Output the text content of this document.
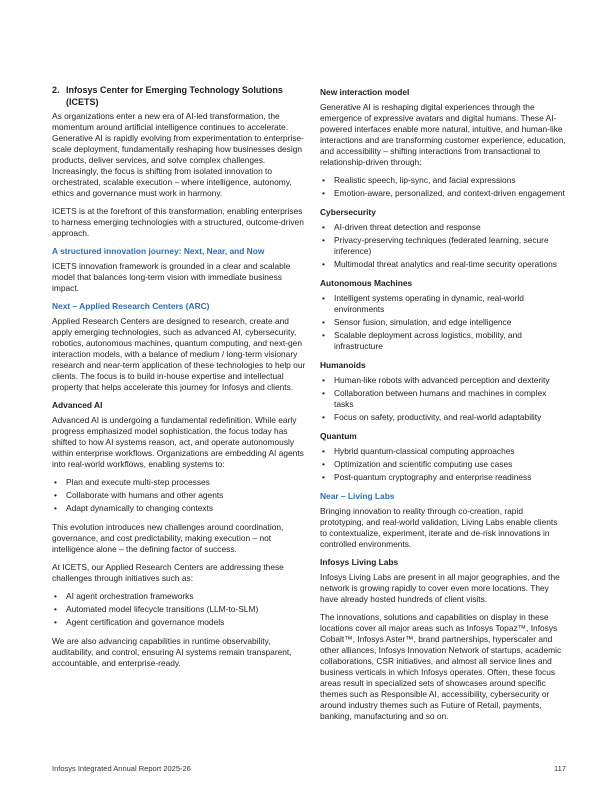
2. Infosys Center for Emerging Technology Solutions (ICETS)

As organizations enter a new era of AI-led transformation, the momentum around artificial intelligence continues to accelerate. Generative AI is rapidly evolving from experimentation to enterprise-scale deployment, fundamentally reshaping how businesses design products, deliver services, and solve complex challenges. Increasingly, the focus is shifting from isolated innovation to orchestrated, scalable execution – where intelligence, autonomy, ethics and governance must work in harmony.

ICETS is at the forefront of this transformation, enabling enterprises to harness emerging technologies with a structured, outcome-driven approach.

A structured innovation journey: Next, Near, and Now

ICETS innovation framework is grounded in a clear and scalable model that balances long-term vision with immediate business impact.

Next – Applied Research Centers (ARC)

Applied Research Centers are designed to research, create and apply emerging technologies, such as advanced AI, cybersecurity, robotics, autonomous machines, quantum computing, and next-gen interaction models, with a balance of medium / long-term visionary research and near-term application of these technologies to help our clients. The focus is to build in-house expertise and intellectual property that helps accelerate this journey for Infosys and clients.

Advanced AI

Advanced AI is undergoing a fundamental redefinition. While early progress emphasized model sophistication, the focus today has shifted to how AI systems reason, act, and operate autonomously within enterprise workflows. Organizations are embedding AI agents into real-world workflows, enabling systems to:

• Plan and execute multi-step processes
• Collaborate with humans and other agents
• Adapt dynamically to changing contexts

This evolution introduces new challenges around coordination, governance, and cost predictability, making execution – not intelligence alone – the defining factor of success.

At ICETS, our Applied Research Centers are addressing these challenges through initiatives such as:

• AI agent orchestration frameworks
• Automated model lifecycle transitions (LLM-to-SLM)
• Agent certification and governance models

We are also advancing capabilities in runtime observability, auditability, and control, ensuring AI systems remain transparent, accountable, and enterprise-ready.

New interaction model

Generative AI is reshaping digital experiences through the emergence of expressive avatars and digital humans. These AI-powered interfaces enable more natural, intuitive, and human-like interactions and are transforming customer experience, education, and accessibility – shifting interactions from transactional to relationship-driven through:

• Realistic speech, lip-sync, and facial expressions
• Emotion-aware, personalized, and context-driven engagement
Cybersecurity
• AI-driven threat detection and response
• Privacy-preserving techniques (federated learning, secure inference)
• Multimodal threat analytics and real-time security operations
Autonomous Machines
• Intelligent systems operating in dynamic, real-world environments
• Sensor fusion, simulation, and edge intelligence
• Scalable deployment across logistics, mobility, and infrastructure
Humanoids
• Human-like robots with advanced perception and dexterity
• Collaboration between humans and machines in complex tasks
• Focus on safety, productivity, and real-world adaptability
Quantum
• Hybrid quantum-classical computing approaches
• Optimization and scientific computing use cases
• Post-quantum cryptography and enterprise readiness
Near – Living Labs

Bringing innovation to reality through co-creation, rapid prototyping, and real-world validation, Living Labs enable clients to contextualize, experiment, iterate and de-risk innovations in controlled environments.

Infosys Living Labs

Infosys Living Labs are present in all major geographies, and the network is growing rapidly to cover even more locations. They have already hosted hundreds of client visits.

The innovations, solutions and capabilities on display in these locations cover all major areas such as Infosys Topaz™, Infosys Cobalt™, Infosys Aster™, brand partnerships, hyperscaler and other alliances, Infosys Innovation Network of startups, academic collaborations, CSR initiatives, and almost all service lines and business verticals in which Infosys operates. Often, these focus areas result in specialized sets of showcases around specific themes such as Responsible AI, accessibility, cybersecurity or around industry themes such as Future of Retail, payments, banking, manufacturing and so on.

Infosys Integrated Annual Report 2025-26	117
